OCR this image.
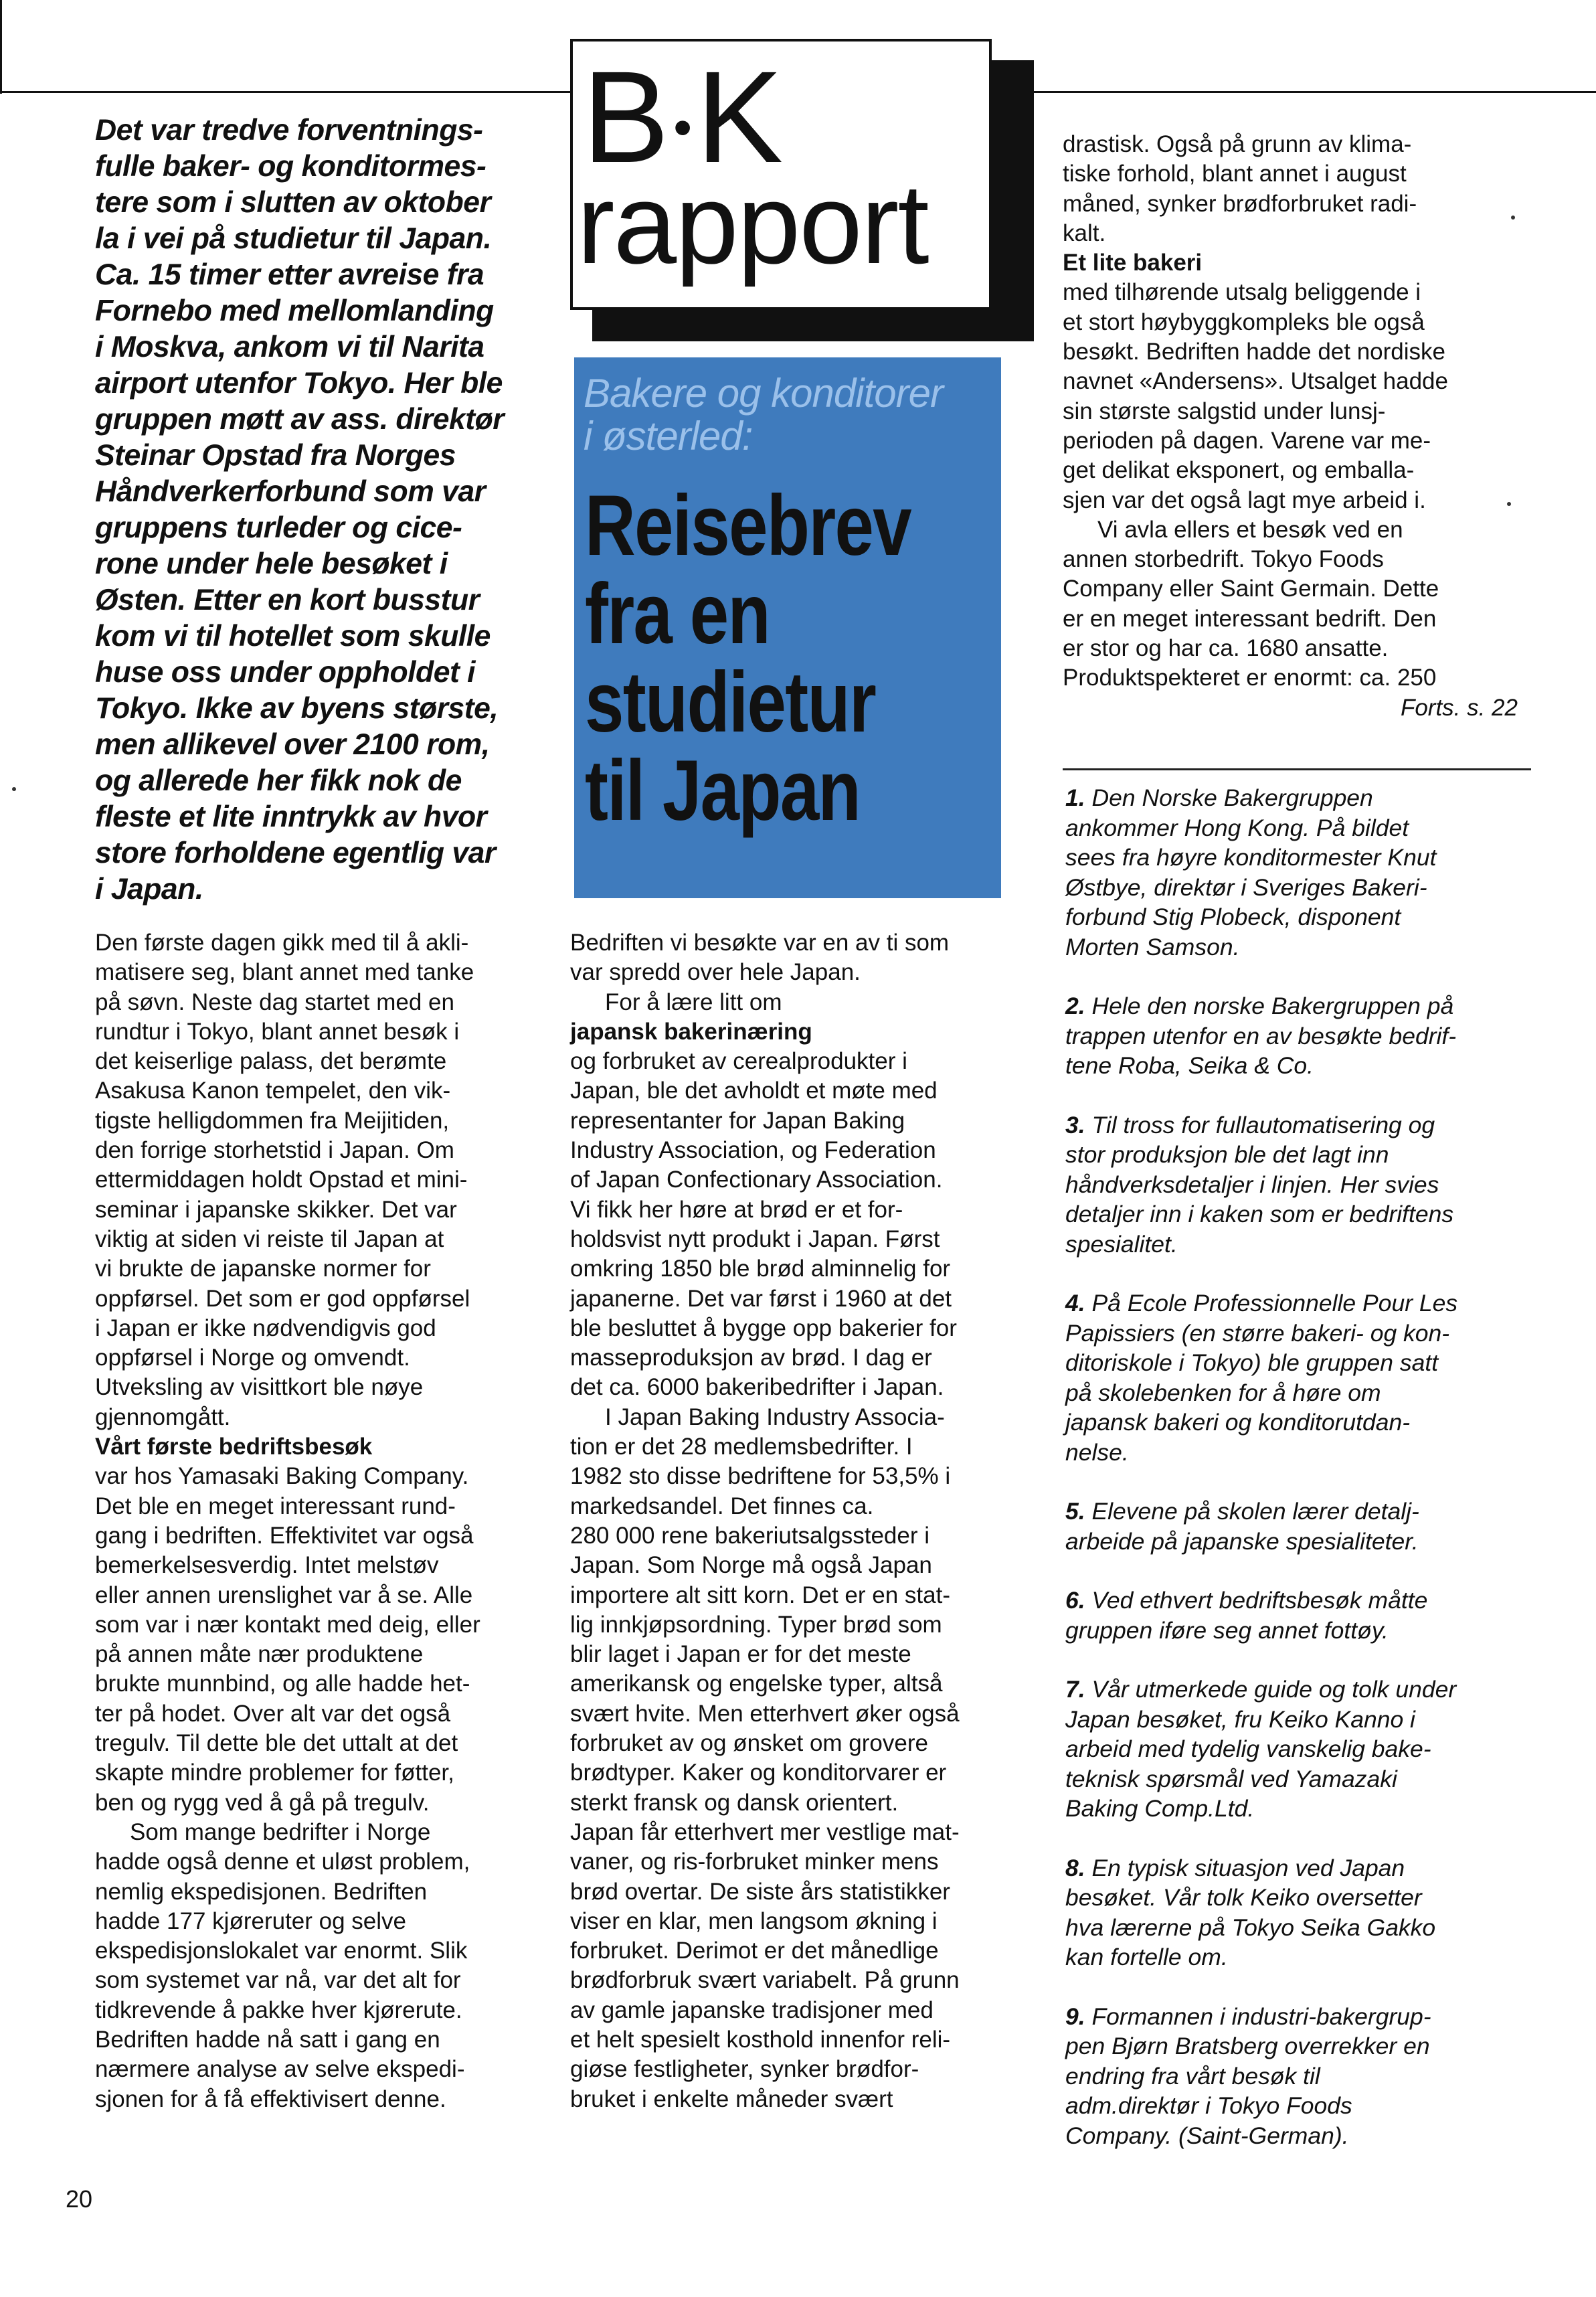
B•K
rapport
Det var tredve forventnings-
fulle baker- og konditormes-
tere som i slutten av oktober
la i vei på studietur til Japan.
Ca. 15 timer etter avreise fra
Fornebo med mellomlanding
i Moskva, ankom vi til Narita
airport utenfor Tokyo. Her ble
gruppen møtt av ass. direktør
Steinar Opstad fra Norges
Håndverkerforbund som var
gruppens turleder og cice-
rone under hele besøket i
Østen. Etter en kort busstur
kom vi til hotellet som skulle
huse oss under oppholdet i
Tokyo. Ikke av byens største,
men allikevel over 2100 rom,
og allerede her fikk nok de
fleste et lite inntrykk av hvor
store forholdene egentlig var
i Japan.
Bakere og konditorer
i østerled:
Reisebrev
fra en
studietur
til Japan
Den første dagen gikk med til å akli-
matisere seg, blant annet med tanke
på søvn. Neste dag startet med en
rundtur i Tokyo, blant annet besøk i
det keiserlige palass, det berømte
Asakusa Kanon tempelet, den vik-
tigste helligdommen fra Meijitiden,
den forrige storhetstid i Japan. Om
ettermiddagen holdt Opstad et mini-
seminar i japanske skikker. Det var
viktig at siden vi reiste til Japan at
vi brukte de japanske normer for
oppførsel. Det som er god oppførsel
i Japan er ikke nødvendigvis god
oppførsel i Norge og omvendt.
Utveksling av visittkort ble nøye
gjennomgått.
Vårt første bedriftsbesøk
var hos Yamasaki Baking Company.
Det ble en meget interessant rund-
gang i bedriften. Effektivitet var også
bemerkelsesverdig. Intet melstøv
eller annen urenslighet var å se. Alle
som var i nær kontakt med deig, eller
på annen måte nær produktene
brukte munnbind, og alle hadde het-
ter på hodet. Over alt var det også
tregulv. Til dette ble det uttalt at det
skapte mindre problemer for føtter,
ben og rygg ved å gå på tregulv.
Som mange bedrifter i Norge
hadde også denne et uløst problem,
nemlig ekspedisjonen. Bedriften
hadde 177 kjøreruter og selve
ekspedisjonslokalet var enormt. Slik
som systemet var nå, var det alt for
tidkrevende å pakke hver kjørerute.
Bedriften hadde nå satt i gang en
nærmere analyse av selve ekspedi-
sjonen for å få effektivisert denne.
Bedriften vi besøkte var en av ti som
var spredd over hele Japan.
For å lære litt om
japansk bakerinæring
og forbruket av cerealprodukter i
Japan, ble det avholdt et møte med
representanter for Japan Baking
Industry Association, og Federation
of Japan Confectionary Association.
Vi fikk her høre at brød er et for-
holdsvist nytt produkt i Japan. Først
omkring 1850 ble brød alminnelig for
japanerne. Det var først i 1960 at det
ble besluttet å bygge opp bakerier for
masseproduksjon av brød. I dag er
det ca. 6000 bakeribedrifter i Japan.
I Japan Baking Industry Associa-
tion er det 28 medlemsbedrifter. I
1982 sto disse bedriftene for 53,5% i
markedsandel. Det finnes ca.
280 000 rene bakeriutsalgssteder i
Japan. Som Norge må også Japan
importere alt sitt korn. Det er en stat-
lig innkjøpsordning. Typer brød som
blir laget i Japan er for det meste
amerikansk og engelske typer, altså
svært hvite. Men etterhvert øker også
forbruket av og ønsket om grovere
brødtyper. Kaker og konditorvarer er
sterkt fransk og dansk orientert.
Japan får etterhvert mer vestlige mat-
vaner, og ris-forbruket minker mens
brød overtar. De siste års statistikker
viser en klar, men langsom økning i
forbruket. Derimot er det månedlige
brødforbruk svært variabelt. På grunn
av gamle japanske tradisjoner med
et helt spesielt kosthold innenfor reli-
giøse festligheter, synker brødfor-
bruket i enkelte måneder svært
drastisk. Også på grunn av klima-
tiske forhold, blant annet i august
måned, synker brødforbruket radi-
kalt.
Et lite bakeri
med tilhørende utsalg beliggende i
et stort høybyggkompleks ble også
besøkt. Bedriften hadde det nordiske
navnet «Andersens». Utsalget hadde
sin største salgstid under lunsj-
perioden på dagen. Varene var me-
get delikat eksponert, og emballa-
sjen var det også lagt mye arbeid i.
Vi avla ellers et besøk ved en
annen storbedrift. Tokyo Foods
Company eller Saint Germain. Dette
er en meget interessant bedrift. Den
er stor og har ca. 1680 ansatte.
Produktspekteret er enormt: ca. 250
Forts. s. 22
1. Den Norske Bakergruppen
ankommer Hong Kong. På bildet
sees fra høyre konditormester Knut
Østbye, direktør i Sveriges Bakeri-
forbund Stig Plobeck, disponent
Morten Samson.
2. Hele den norske Bakergruppen på
trappen utenfor en av besøkte bedrif-
tene Roba, Seika & Co.
3. Til tross for fullautomatisering og
stor produksjon ble det lagt inn
håndverksdetaljer i linjen. Her svies
detaljer inn i kaken som er bedriftens
spesialitet.
4. På Ecole Professionnelle Pour Les
Papissiers (en større bakeri- og kon-
ditoriskole i Tokyo) ble gruppen satt
på skolebenken for å høre om
japansk bakeri og konditorutdan-
nelse.
5. Elevene på skolen lærer detalj-
arbeide på japanske spesialiteter.
6. Ved ethvert bedriftsbesøk måtte
gruppen iføre seg annet fottøy.
7. Vår utmerkede guide og tolk under
Japan besøket, fru Keiko Kanno i
arbeid med tydelig vanskelig bake-
teknisk spørsmål ved Yamazaki
Baking Comp.Ltd.
8. En typisk situasjon ved Japan
besøket. Vår tolk Keiko oversetter
hva lærerne på Tokyo Seika Gakko
kan fortelle om.
9. Formannen i industri-bakergrup-
pen Bjørn Bratsberg overrekker en
endring fra vårt besøk til
adm.direktør i Tokyo Foods
Company. (Saint-German).
20
